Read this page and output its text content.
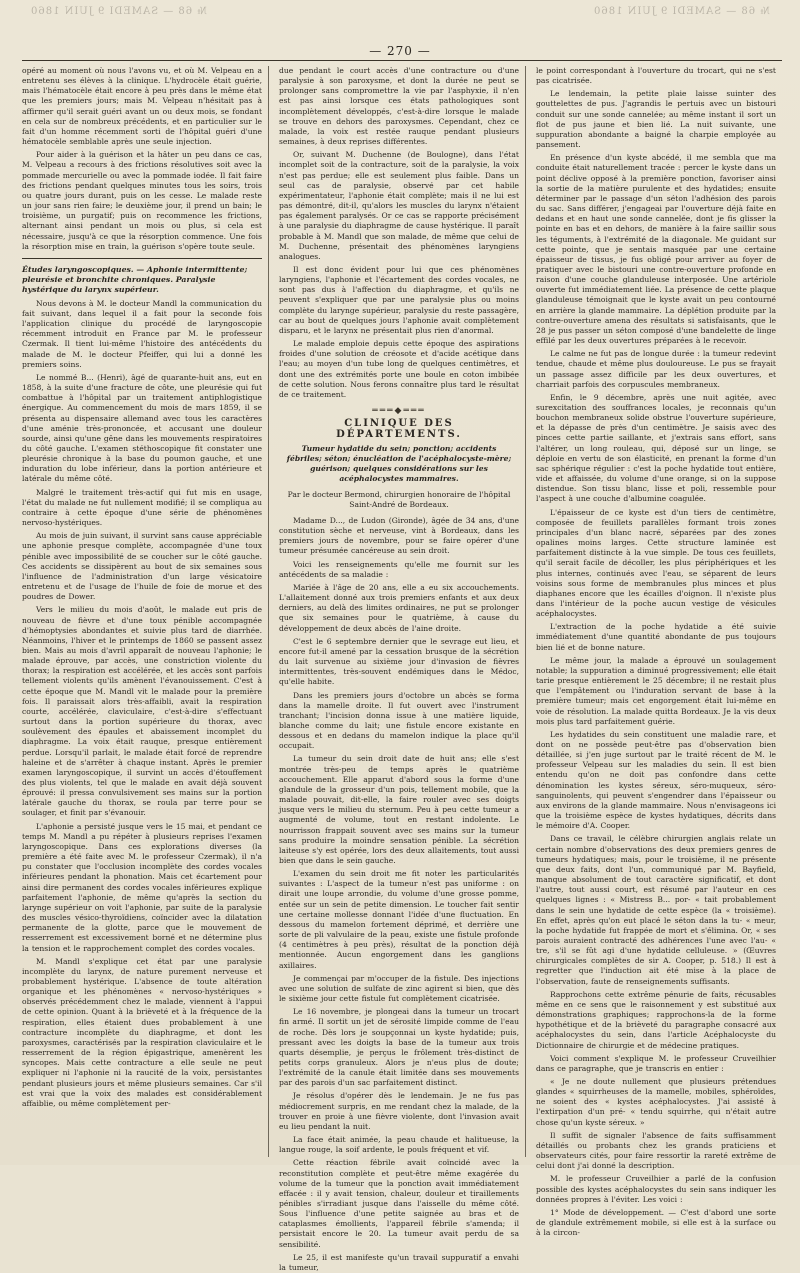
№ 68 — SAMEDI 9 JUIN 1860	№ 68 — SAMEDI 9 JUIN 1860
— 270 —

opéré au moment où nous l'avons vu, et où M. Velpeau en a entretenu ses élèves à la clinique. L'hydrocèle était guérie, mais l'hématocèle était encore à peu près dans le même état que les premiers jours; mais M. Velpeau n'hésitait pas à affirmer qu'il serait guéri avant un ou deux mois, se fondant en cela sur de nombreux précédents, et en particulier sur le fait d'un homme récemment sorti de l'hôpital guéri d'une hématocèle semblable après une seule injection.

Pour aider à la guérison et la hâter un peu dans ce cas, M. Velpeau a recours à des frictions résolutives soit avec la pommade mercurielle ou avec la pommade iodée. Il fait faire des frictions pendant quelques minutes tous les soirs, trois ou quatre jours durant, puis on les cesse. Le malade reste un jour sans rien faire; le deuxième jour, il prend un bain; le troisième, un purgatif; puis on recommence les frictions, alternant ainsi pendant un mois ou plus, si cela est nécessaire, jusqu'à ce que la résorption commence. Une fois la résorption mise en train, la guérison s'opère toute seule.

Études laryngoscopiques. — Aphonie intermittente; pleurésie et bronchite chroniques. Paralysie hystérique du larynx supérieur.

Nous devons à M. le docteur Mandl la communication du fait suivant, dans lequel il a fait pour la seconde fois l'application clinique du procédé de laryngoscopie récemment introduit en France par M. le professeur Czermak. Il tient lui-même l'histoire des antécédents du malade de M. le docteur Pfeiffer, qui lui a donné les premiers soins.

Le nommé B... (Henri), âgé de quarante-huit ans, eut en 1858, à la suite d'une fracture de côte, une pleurésie qui fut combattue à l'hôpital par un traitement antiphlogistique énergique. Au commencement du mois de mars 1859, il se présenta au dispensaire allemand avec tous les caractères d'une aménie très-prononcée, et accusant une douleur sourde, ainsi qu'une gêne dans les mouvements respiratoires du côté gauche. L'examen stéthoscopique fit constater une pleurésie chronique à la base du poumon gauche, et une induration du lobe inférieur, dans la portion antérieure et latérale du même côté.

Malgré le traitement très-actif qui fut mis en usage, l'état du malade ne fut nullement modifié; il se compliqua au contraire à cette époque d'une série de phénomènes nervoso-hystériques.

Au mois de juin suivant, il survint sans cause appréciable une aphonie presque complète, accompagnée d'une toux pénible avec impossibilité de se coucher sur le côté gauche. Ces accidents se dissipèrent au bout de six semaines sous l'influence de l'administration d'un large vésicatoire entretenu et de l'usage de l'huile de foie de morue et des poudres de Dower.

Vers le milieu du mois d'août, le malade eut pris de nouveau de fièvre et d'une toux pénible accompagnée d'hémoptysies abondantes et suivie plus tard de diarrhée. Néanmoins, l'hiver et le printemps de 1860 se passent assez bien. Mais au mois d'avril apparaît de nouveau l'aphonie; le malade éprouve, par accès, une constriction violente du thorax; la respiration est accélérée, et les accès sont parfois tellement violents qu'ils amènent l'évanouissement. C'est à cette époque que M. Mandl vit le malade pour la première fois. Il paraissait alors très-affaibli, avait la respiration courte, accélérée, claviculaire, c'est-à-dire s'effectuant surtout dans la portion supérieure du thorax, avec soulèvement des épaules et abaissement incomplet du diaphragme. La voix était rauque, presque entièrement perdue. Lorsqu'il parlait, le malade était forcé de reprendre haleine et de s'arrêter à chaque instant. Après le premier examen laryngoscopique, il survint un accès d'étouffement des plus violents, tel que le malade en avait déjà souvent éprouvé: il pressa convulsivement ses mains sur la portion latérale gauche du thorax, se roula par terre pour se soulager, et finit par s'évanouir.

L'aphonie a persisté jusque vers le 15 mai, et pendant ce temps M. Mandl a pu répéter à plusieurs reprises l'examen laryngoscopique. Dans ces explorations diverses (la première a été faite avec M. le professeur Czermak), il n'a pu constater que l'occlusion incomplète des cordes vocales inférieures pendant la phonation. Mais cet écartement pour ainsi dire permanent des cordes vocales inférieures explique parfaitement l'aphonie, de même qu'après la section du larynge supérieur on voit l'aphonie, par suite de la paralysie des muscles vésico-thyroïdiens, coïncider avec la dilatation permanente de la glotte, parce que le mouvement de resserrement est excessivement borné et ne détermine plus la tension et le rapprochement complet des cordes vocales.

M. Mandl s'explique cet état par une paralysie incomplète du larynx, de nature purement nerveuse et probablement hystérique. L'absence de toute altération organique et les phénomènes « nervoso-hystériques » observés précédemment chez le malade, viennent à l'appui de cette opinion. Quant à la brièveté et à la fréquence de la respiration, elles étaient dues probablement à une contracture incomplète du diaphragme, et dont les paroxysmes, caractérisés par la respiration claviculaire et le resserrement de la région épigastrique, amenèrent les syncopes. Mais cette contracture a elle seule ne peut expliquer ni l'aphonie ni la raucité de la voix, persistantes pendant plusieurs jours et même plusieurs semaines. Car s'il est vrai que la voix des malades est considérablement affaiblie, ou même complètement per-

due pendant le court accès d'une contracture ou d'une paralysie à son paroxysme, et dont la durée ne peut se prolonger sans compromettre la vie par l'asphyxie, il n'en est pas ainsi lorsque ces états pathologiques sont incomplètement développés, c'est-à-dire lorsque le malade se trouve en dehors des paroxysmes. Cependant, chez ce malade, la voix est restée rauque pendant plusieurs semaines, à deux reprises différentes.

Or, suivant M. Duchenne (de Boulogne), dans l'état incomplet soit de la contracture, soit de la paralysie, la voix n'est pas perdue; elle est seulement plus faible. Dans un seul cas de paralysie, observé par cet habile expérimentateur, l'aphonie était complète; mais il ne lui est pas démontré, dit-il, qu'alors les muscles du larynx n'étaient pas également paralysés. Or ce cas se rapporte précisément à une paralysie du diaphragme de cause hystérique. Il paraît probable à M. Mandl que son malade, de même que celui de M. Duchenne, présentait des phénomènes laryngiens analogues.

Il est donc évident pour lui que ces phénomènes laryngiens, l'aphonie et l'écartement des cordes vocales, ne sont pas dus à l'affection du diaphragme, et qu'ils ne peuvent s'expliquer que par une paralysie plus ou moins complète du larynge supérieur, paralysie du reste passagère, car au bout de quelques jours l'aphonie avait complètement disparu, et le larynx ne présentait plus rien d'anormal.

Le malade emploie depuis cette époque des aspirations froides d'une solution de créosote et d'acide acétique dans l'eau; au moyen d'un tube long de quelques centimètres, et dont une des extrémités porte une boule en coton imbibée de cette solution. Nous ferons connaître plus tard le résultat de ce traitement.

═══◆═══
CLINIQUE DES DÉPARTEMENTS.
Tumeur hydatide du sein; ponction; accidents fébriles; séton; énucléation de l'acéphalocyste-mère; guérison; quelques considérations sur les acéphalocystes mammaires.
Par le docteur Bermond, chirurgien honoraire de l'hôpital Saint-André de Bordeaux.

Madame D..., de Ludon (Gironde), âgée de 34 ans, d'une constitution sèche et nerveuse, vint à Bordeaux, dans les premiers jours de novembre, pour se faire opérer d'une tumeur présumée cancéreuse au sein droit.

Voici les renseignements qu'elle me fournit sur les antécédents de sa maladie :

Mariée à l'âge de 20 ans, elle a eu six accouchements. L'allaitement donné aux trois premiers enfants et aux deux derniers, au delà des limites ordinaires, ne put se prolonger que six semaines pour le quatrième, à cause du développement de deux abcès de l'aine droite.

C'est le 6 septembre dernier que le sevrage eut lieu, et encore fut-il amené par la cessation brusque de la sécrétion du lait survenue au sixième jour d'invasion de fièvres intermittentes, très-souvent endémiques dans le Médoc, qu'elle habite.

Dans les premiers jours d'octobre un abcès se forma dans la mamelle droite. Il fut ouvert avec l'instrument tranchant; l'incision donna issue à une matière liquide, blanche comme du lait; une fistule encore existante en dessous et en dedans du mamelon indique la place qu'il occupait.

La tumeur du sein droit date de huit ans; elle s'est montrée très-peu de temps après le quatrième accouchement. Elle apparut d'abord sous la forme d'une glandule de la grosseur d'un pois, tellement mobile, que la malade pouvait, dit-elle, la faire rouler avec ses doigts jusque vers le milieu du sternum. Peu à peu cette tumeur a augmenté de volume, tout en restant indolente. Le nourrisson frappait souvent avec ses mains sur la tumeur sans produire la moindre sensation pénible. La sécrétion laiteuse s'y est opérée, lors des deux allaitements, tout aussi bien que dans le sein gauche.

L'examen du sein droit me fit noter les particularités suivantes : L'aspect de la tumeur n'est pas uniforme : on dirait une loupe arrondie, du volume d'une grosse pomme, entée sur un sein de petite dimension. Le toucher fait sentir une certaine mollesse donnant l'idée d'une fluctuation. En dessous du mamelon fortement déprimé, et derrière une sorte de pli valvulaire de la peau, existe une fistule profonde (4 centimètres à peu près), résultat de la ponction déjà mentionnée. Aucun engorgement dans les ganglions axillaires.

Je commençai par m'occuper de la fistule. Des injections avec une solution de sulfate de zinc agirent si bien, que dès le sixième jour cette fistule fut complètement cicatrisée.

Le 16 novembre, je plongeai dans la tumeur un trocart fin armé. Il sortit un jet de sérosité limpide comme de l'eau de roche. Dès lors je soupçonnai un kyste hydatide; puis, pressant avec les doigts la base de la tumeur aux trois quarts désemplie, je perçus le frôlement très-distinct de petits corps granuleux. Alors je n'eus plus de doute; l'extrémité de la canule était limitée dans ses mouvements par des parois d'un sac parfaitement distinct.

Je résolus d'opérer dès le lendemain. Je ne fus pas médiocrement surpris, en me rendant chez la malade, de la trouver en proie à une fièvre violente, dont l'invasion avait eu lieu pendant la nuit.

La face était animée, la peau chaude et halitueuse, la langue rouge, la soif ardente, le pouls fréquent et vif.

Cette réaction fébrile avait coïncidé avec la reconstitution complète et peut-être même exagérée du volume de la tumeur que la ponction avait immédiatement effacée : il y avait tension, chaleur, douleur et tiraillements pénibles s'irradiant jusque dans l'aisselle du même côté. Sous l'influence d'une petite saignée au bras et de cataplasmes émollients, l'appareil fébrile s'amenda; il persistait encore le 20. La tumeur avait perdu de sa sensibilité.

Le 25, il est manifeste qu'un travail suppuratif a envahi la tumeur,

le point correspondant à l'ouverture du trocart, qui ne s'est pas cicatrisée.

Le lendemain, la petite plaie laisse suinter des gouttelettes de pus. J'agrandis le pertuis avec un bistouri conduit sur une sonde cannelée; au même instant il sort un flot de pus jaune et bien lié. La nuit suivante, une suppuration abondante a baigné la charpie employée au pansement.

En présence d'un kyste abcédé, il me sembla que ma conduite était naturellement tracée : percer le kyste dans un point déclive opposé à la première ponction, favoriser ainsi la sortie de la matière purulente et des hydatides; ensuite déterminer par le passage d'un séton l'adhésion des parois du sac. Sans différer, j'engageai par l'ouverture déjà faite en dedans et en haut une sonde cannelée, dont je fis glisser la pointe en bas et en dehors, de manière à la faire saillir sous les téguments, à l'extrémité de la diagonale. Me guidant sur cette pointe, que je sentais masquée par une certaine épaisseur de tissus, je fus obligé pour arriver au foyer de pratiquer avec le bistouri une contre-ouverture profonde en raison d'une couche glanduleuse interposée. Une artériole ouverte fut immédiatement liée. La présence de cette plaque glanduleuse témoignait que le kyste avait un peu contourné en arrière la glande mammaire. La déplétion produite par la contre-ouverture amena des résultats si satisfaisants, que le 28 je pus passer un séton composé d'une bandelette de linge effilé par les deux ouvertures préparées à le recevoir.

Le calme ne fut pas de longue durée : la tumeur redevint tendue, chaude et même plus douloureuse. Le pus se frayait un passage assez difficile par les deux ouvertures, et charriait parfois des corpuscules membraneux.

Enfin, le 9 décembre, après une nuit agitée, avec surexcitation des souffrances locales, je reconnais qu'un bouchon membraneux solide obstrue l'ouverture supérieure, et la dépasse de près d'un centimètre. Je saisis avec des pinces cette partie saillante, et j'extrais sans effort, sans l'altérer, un long rouleau, qui, déposé sur un linge, se déploie en vertu de son élasticité, en prenant la forme d'un sac sphérique régulier : c'est la poche hydatide tout entière, vide et affaissée, du volume d'une orange, si on la suppose distendue. Son tissu blanc, lisse et poli, ressemble pour l'aspect à une couche d'albumine coagulée.

L'épaisseur de ce kyste est d'un tiers de centimètre, composée de feuillets parallèles formant trois zones principales d'un blanc nacré, séparées par des zones opalines moins larges. Cette structure laminée est parfaitement distincte à la vue simple. De tous ces feuillets, qu'il serait facile de décoller, les plus périphériques et les plus internes, continués avec l'eau, se séparent de leurs voisins sous forme de membranules plus minces et plus diaphanes encore que les écailles d'oignon. Il n'existe plus dans l'intérieur de la poche aucun vestige de vésicules acéphalocystes.

L'extraction de la poche hydatide a été suivie immédiatement d'une quantité abondante de pus toujours bien lié et de bonne nature.

Le même jour, la malade a éprouvé un soulagement notable; la suppuration a diminué progressivement; elle était tarie presque entièrement le 25 décembre; il ne restait plus que l'empâtement ou l'induration servant de base à la première tumeur; mais cet engorgement était lui-même en voie de résolution. La malade quitta Bordeaux. Je la vis deux mois plus tard parfaitement guérie.

Les hydatides du sein constituent une maladie rare, et dont on ne possède peut-être pas d'observation bien détaillée, si j'en juge surtout par le traité récent de M. le professeur Velpeau sur les maladies du sein. Il est bien entendu qu'on ne doit pas confondre dans cette dénomination les kystes séreux, séro-muqueux, séro-sanguinolents, qui peuvent s'engendrer dans l'épaisseur ou aux environs de la glande mammaire. Nous n'envisageons ici que la troisième espèce de kystes hydatiques, décrits dans le mémoire d'A. Cooper.

Dans ce travail, le célèbre chirurgien anglais relate un certain nombre d'observations des deux premiers genres de tumeurs hydatiques; mais, pour le troisième, il ne présente que deux faits, dont l'un, communiqué par M. Bayfield, manque absolument de tout caractère significatif, et dont l'autre, tout aussi court, est résumé par l'auteur en ces quelques lignes : « Mistress B... por- « tait probablement dans le sein une hydatide de cette espèce (la « troisième). En effet, après qu'on eut placé le séton dans la tu- « meur, la poche hydatide fut frappée de mort et s'élimina. Or, « ses parois auraient contracté des adhérences l'une avec l'au- « tre, s'il se fût agi d'une hydatide celluleuse. » (Œuvres chirurgicales complètes de sir A. Cooper, p. 518.) Il est à regretter que l'induction ait été mise à la place de l'observation, faute de renseignements suffisants.

Rapprochons cette extrême pénurie de faits, récusables même en ce sens que le raisonnement y est substitué aux démonstrations graphiques; rapprochons-la de la forme hypothétique et de la brièveté du paragraphe consacré aux acéphalocystes du sein, dans l'article Acéphalocyste du Dictionnaire de chirurgie et de médecine pratiques.

Voici comment s'explique M. le professeur Cruveilhier dans ce paragraphe, que je transcris en entier :

« Je ne doute nullement que plusieurs prétendues glandes « squirrheuses de la mamelle, mobiles, sphéroïdes, ne soient des « kystes acéphalocystes. J'ai assisté à l'extirpation d'un pré- « tendu squirrhe, qui n'était autre chose qu'un kyste séreux. »

Il suffit de signaler l'absence de faits suffisamment détaillés ou probants chez les grands praticiens et observateurs cités, pour faire ressortir la rareté extrême de celui dont j'ai donné la description.

M. le professeur Cruveilhier a parlé de la confusion possible des kystes acéphalocystes du sein sans indiquer les données propres à l'éviter. Les voici :

1° Mode de développement. — C'est d'abord une sorte de glandule extrêmement mobile, si elle est à la surface ou à la circon-
